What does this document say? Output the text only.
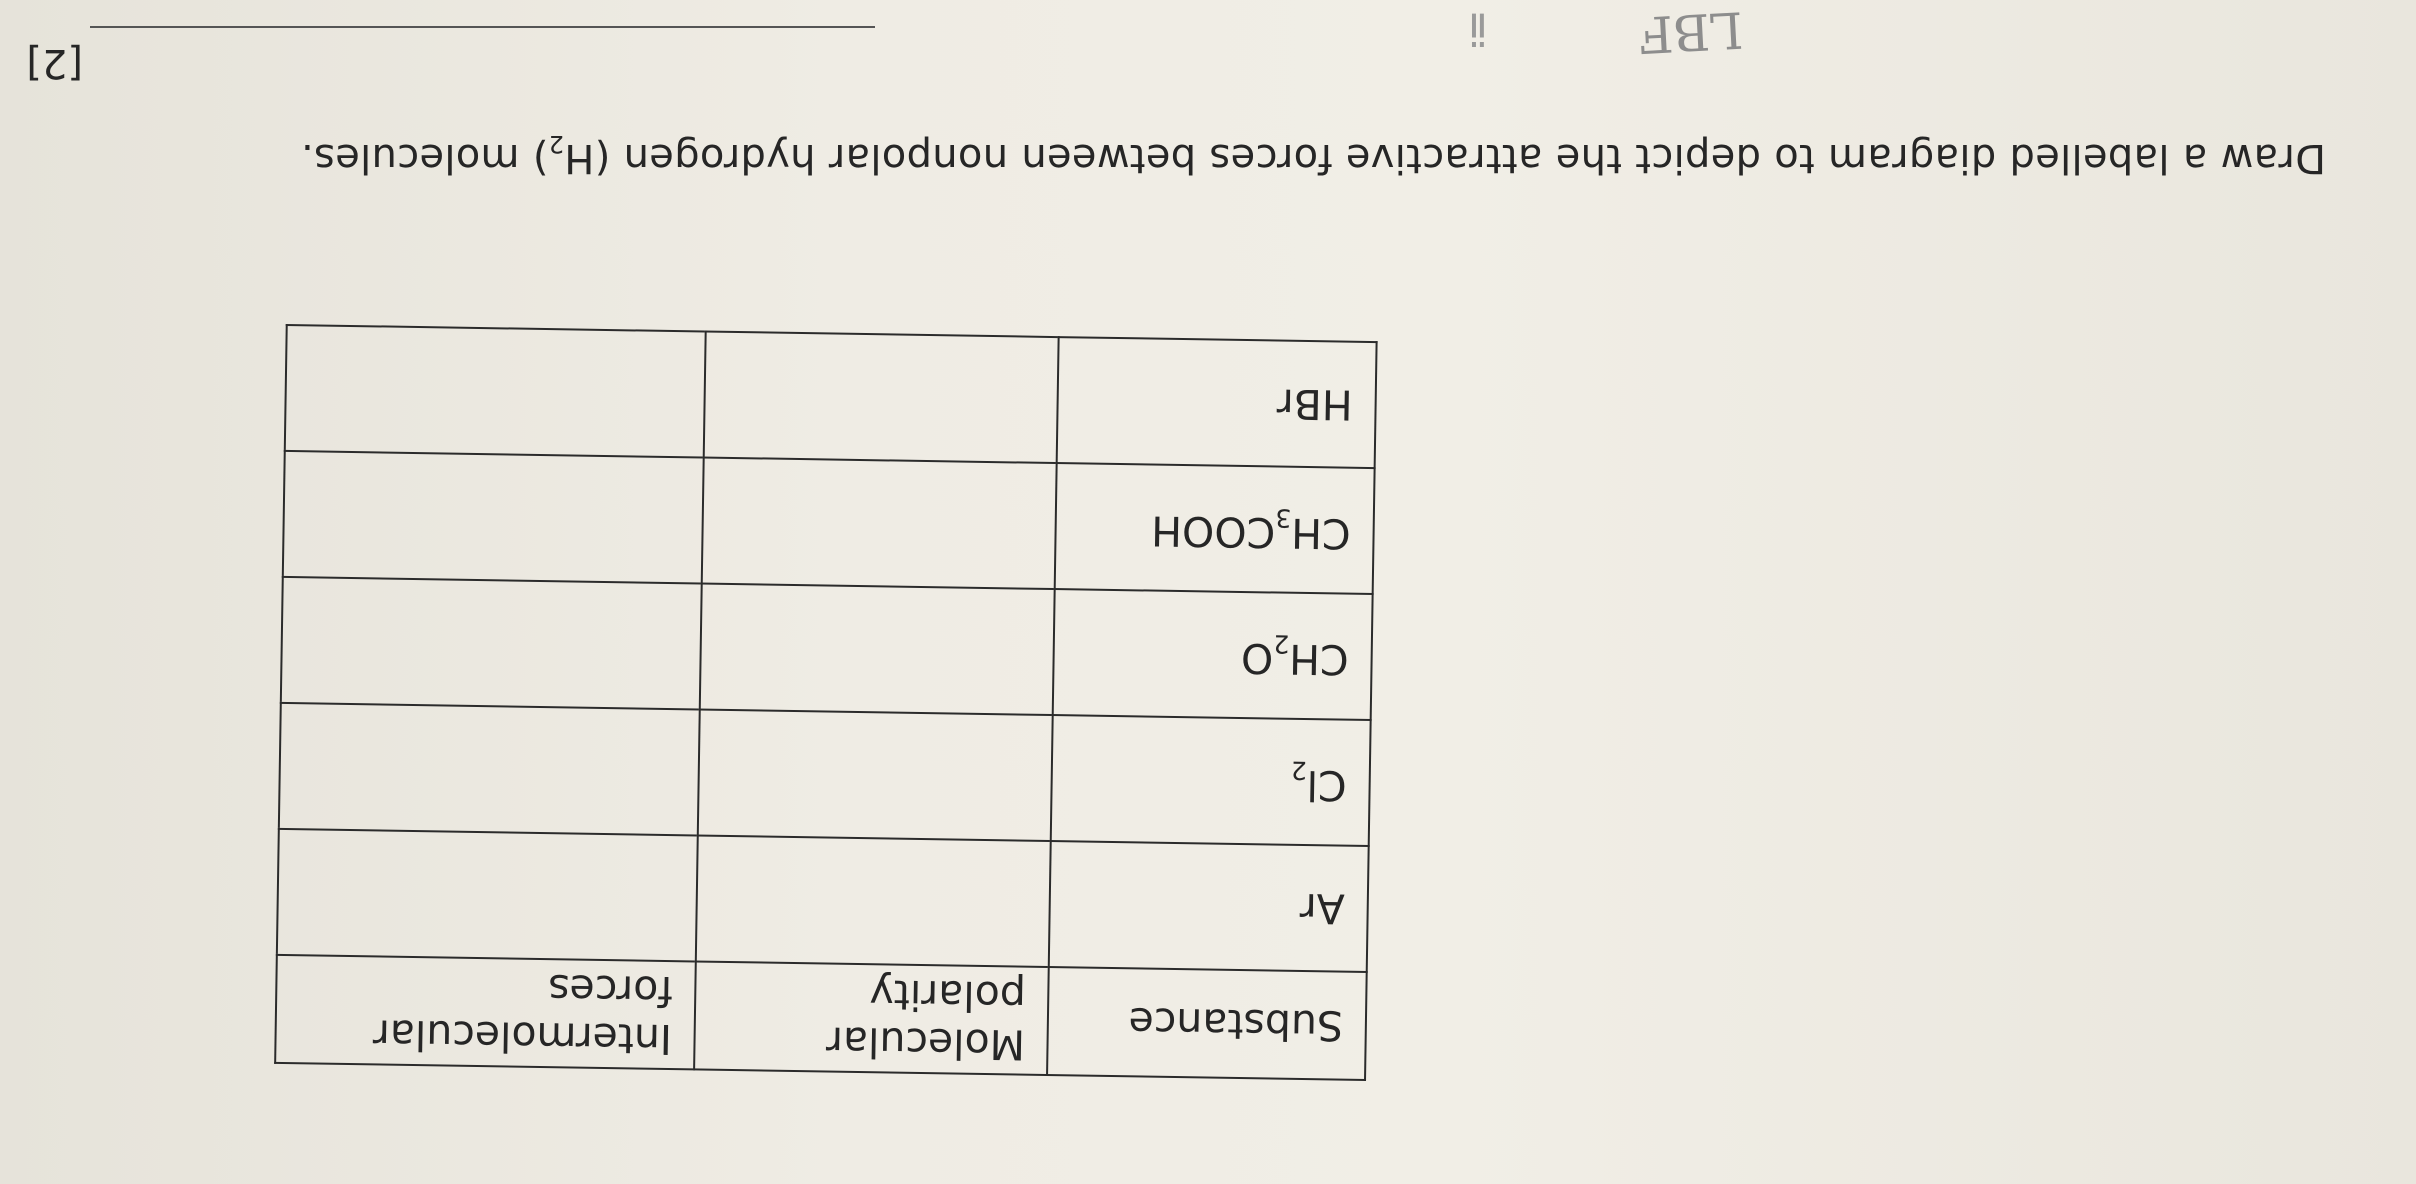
Substance	Molecular polarity	Intermolecular forces
Ar		
$Cl_2$		
$CH_2O$		
$CH_3COOH$		
HBr		
Draw a labelled diagram to depict the attractive forces between nonpolar hydrogen $(H_2)$ molecules.
[2]	LBF
ⅱ
